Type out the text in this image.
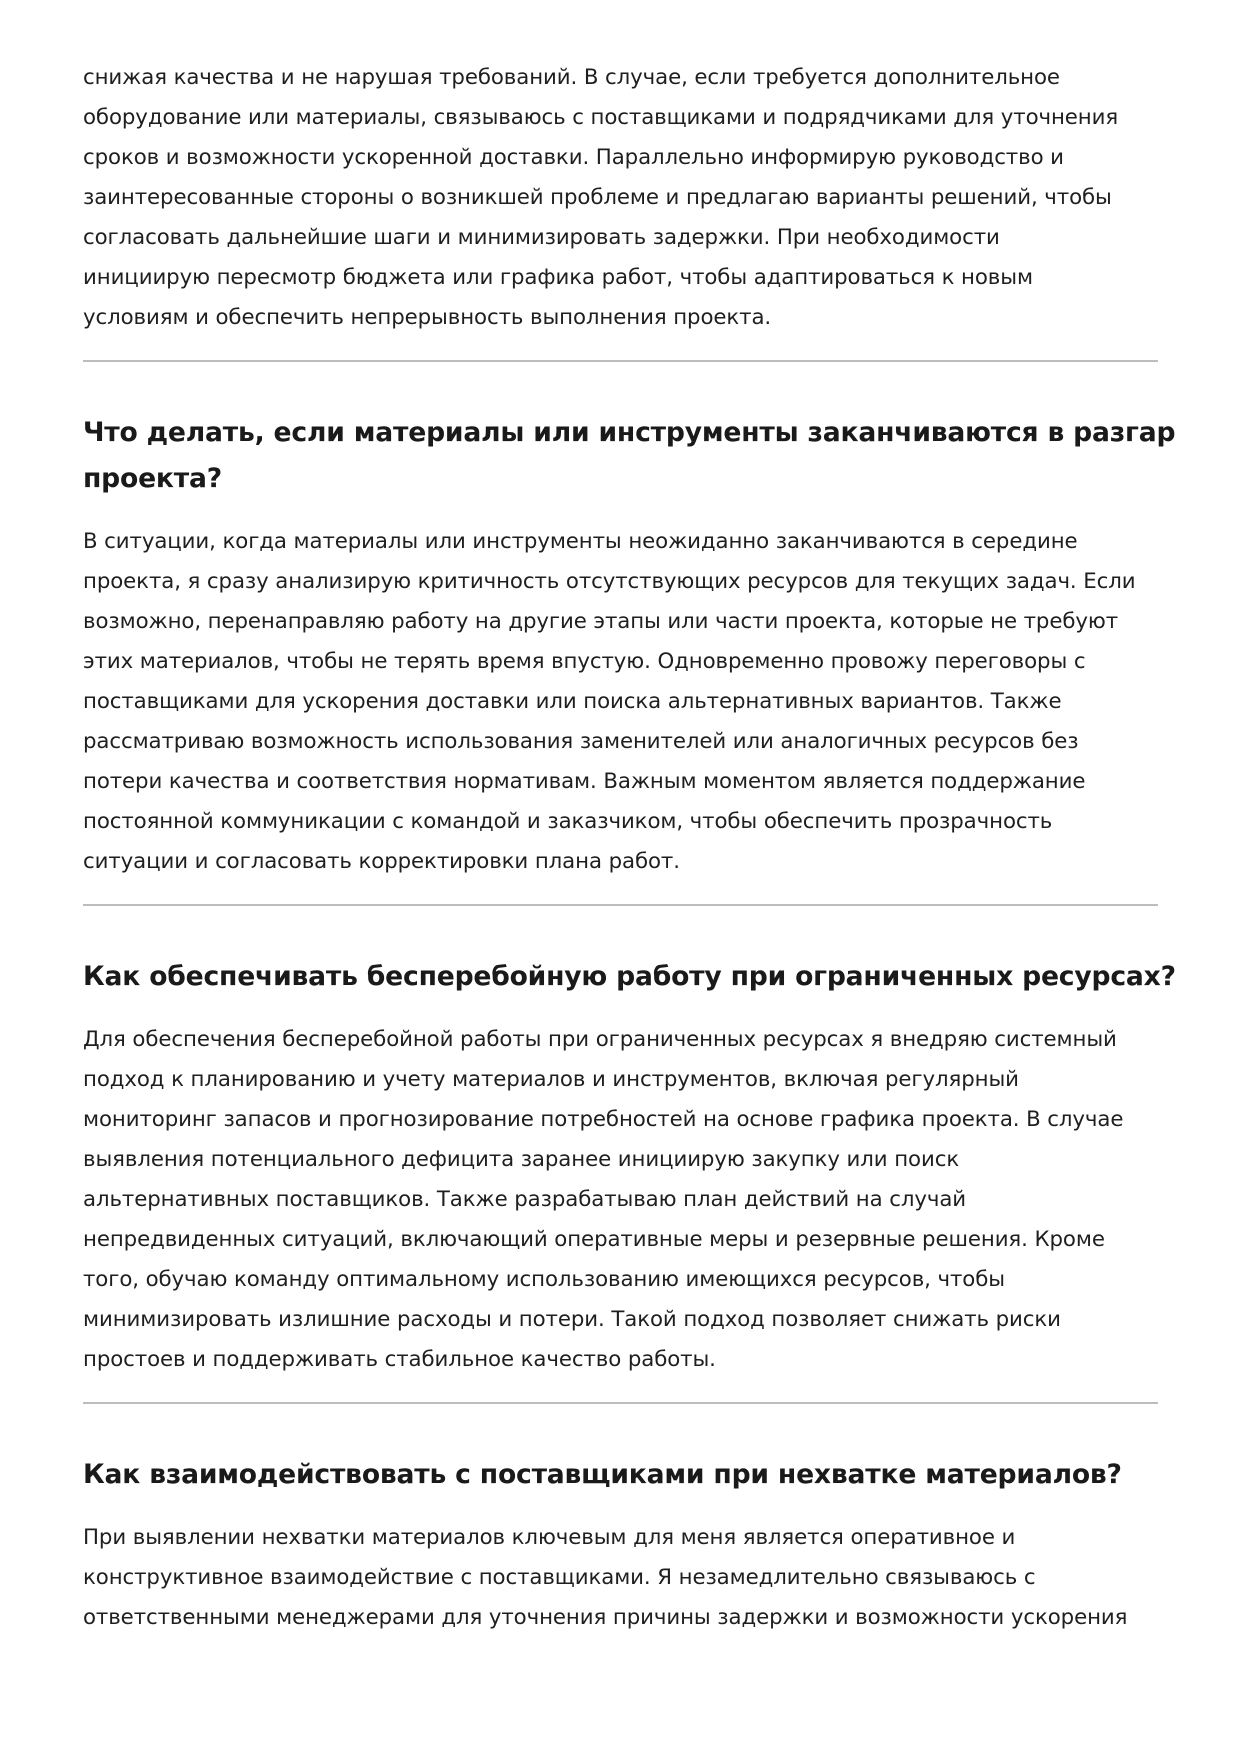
снижая качества и не нарушая требований. В случае, если требуется дополнительное
оборудование или материалы, связываюсь с поставщиками и подрядчиками для уточнения
сроков и возможности ускоренной доставки. Параллельно информирую руководство и
заинтересованные стороны о возникшей проблеме и предлагаю варианты решений, чтобы
согласовать дальнейшие шаги и минимизировать задержки. При необходимости
инициирую пересмотр бюджета или графика работ, чтобы адаптироваться к новым
условиям и обеспечить непрерывность выполнения проекта.

Что делать, если материалы или инструменты заканчиваются в разгар
проекта?

В ситуации, когда материалы или инструменты неожиданно заканчиваются в середине
проекта, я сразу анализирую критичность отсутствующих ресурсов для текущих задач. Если
возможно, перенаправляю работу на другие этапы или части проекта, которые не требуют
этих материалов, чтобы не терять время впустую. Одновременно провожу переговоры с
поставщиками для ускорения доставки или поиска альтернативных вариантов. Также
рассматриваю возможность использования заменителей или аналогичных ресурсов без
потери качества и соответствия нормативам. Важным моментом является поддержание
постоянной коммуникации с командой и заказчиком, чтобы обеспечить прозрачность
ситуации и согласовать корректировки плана работ.

Как обеспечивать бесперебойную работу при ограниченных ресурсах?

Для обеспечения бесперебойной работы при ограниченных ресурсах я внедряю системный
подход к планированию и учету материалов и инструментов, включая регулярный
мониторинг запасов и прогнозирование потребностей на основе графика проекта. В случае
выявления потенциального дефицита заранее инициирую закупку или поиск
альтернативных поставщиков. Также разрабатываю план действий на случай
непредвиденных ситуаций, включающий оперативные меры и резервные решения. Кроме
того, обучаю команду оптимальному использованию имеющихся ресурсов, чтобы
минимизировать излишние расходы и потери. Такой подход позволяет снижать риски
простоев и поддерживать стабильное качество работы.

Как взаимодействовать с поставщиками при нехватке материалов?

При выявлении нехватки материалов ключевым для меня является оперативное и
конструктивное взаимодействие с поставщиками. Я незамедлительно связываюсь с
ответственными менеджерами для уточнения причины задержки и возможности ускорения
